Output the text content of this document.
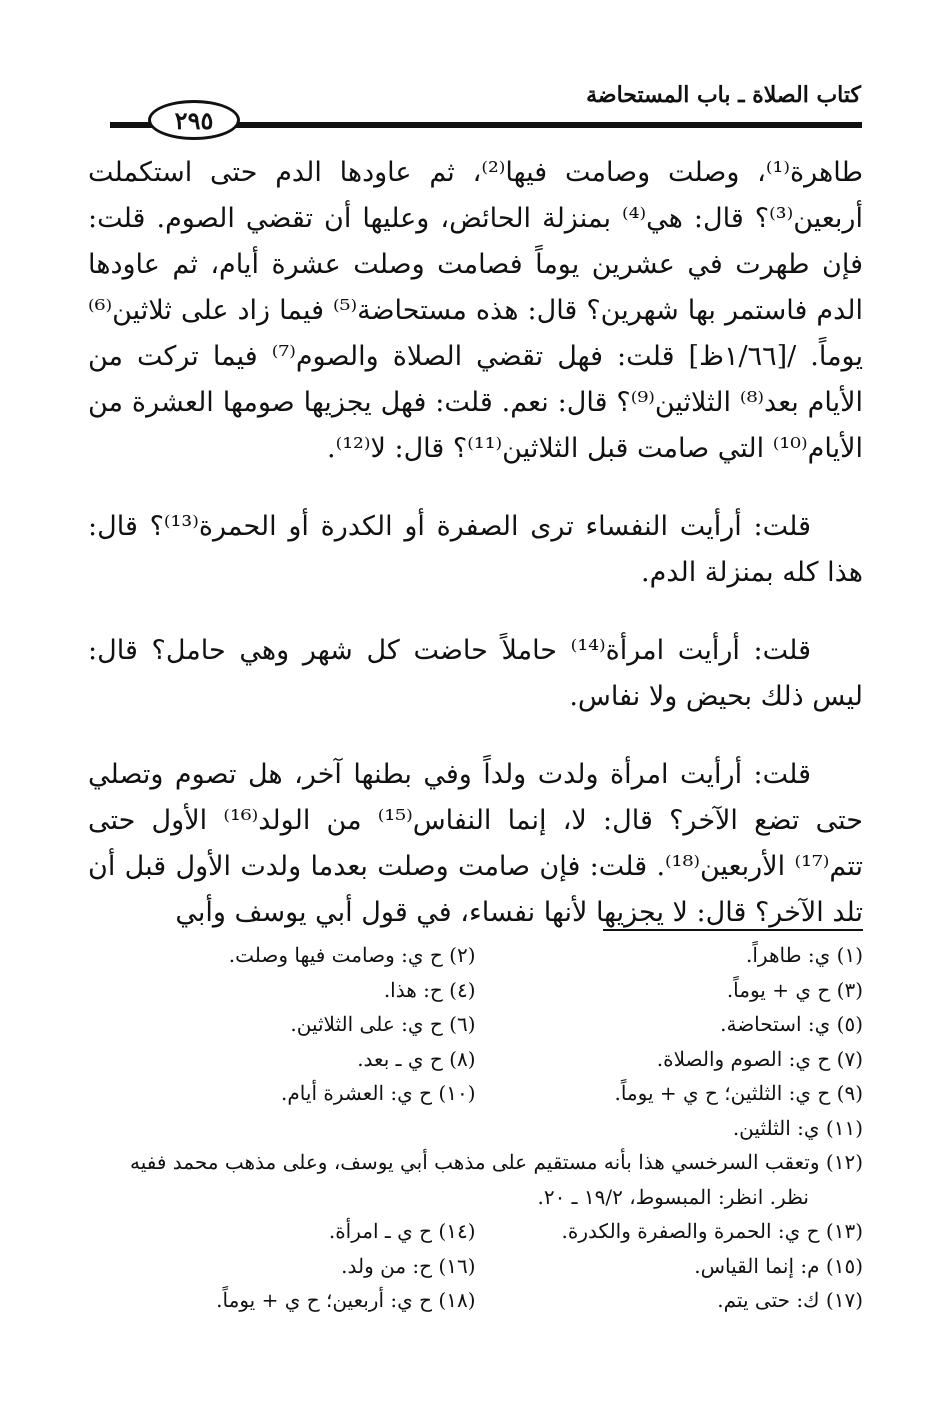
كتاب الصلاة ـ باب المستحاضة
٢٩٥

طاهرة⁽¹⁾، وصلت وصامت فيها⁽²⁾، ثم عاودها الدم حتى استكملت أربعين⁽³⁾؟ قال: هي⁽⁴⁾ بمنزلة الحائض، وعليها أن تقضي الصوم. قلت: فإن طهرت في عشرين يوماً فصامت وصلت عشرة أيام، ثم عاودها الدم فاستمر بها شهرين؟ قال: هذه مستحاضة⁽⁵⁾ فيما زاد على ثلاثين⁽⁶⁾ يوماً. /[١/٦٦ظ] قلت: فهل تقضي الصلاة والصوم⁽⁷⁾ فيما تركت من الأيام بعد⁽⁸⁾ الثلاثين⁽⁹⁾؟ قال: نعم. قلت: فهل يجزيها صومها العشرة من الأيام⁽¹⁰⁾ التي صامت قبل الثلاثين⁽¹¹⁾؟ قال: لا⁽¹²⁾.

قلت: أرأيت النفساء ترى الصفرة أو الكدرة أو الحمرة⁽¹³⁾؟ قال: هذا كله بمنزلة الدم.

قلت: أرأيت امرأة⁽¹⁴⁾ حاملاً حاضت كل شهر وهي حامل؟ قال: ليس ذلك بحيض ولا نفاس.

قلت: أرأيت امرأة ولدت ولداً وفي بطنها آخر، هل تصوم وتصلي حتى تضع الآخر؟ قال: لا، إنما النفاس⁽¹⁵⁾ من الولد⁽¹⁶⁾ الأول حتى تتم⁽¹⁷⁾ الأربعين⁽¹⁸⁾. قلت: فإن صامت وصلت بعدما ولدت الأول قبل أن تلد الآخر؟ قال: لا يجزيها لأنها نفساء، في قول أبي يوسف وأبي

(١) ي: طاهراً.
(٢) ح ي: وصامت فيها وصلت.
(٣) ح ي + يوماً.
(٤) ح: هذا.
(٥) ي: استحاضة.
(٦) ح ي: على الثلاثين.
(٧) ح ي: الصوم والصلاة.
(٨) ح ي ـ بعد.
(٩) ح ي: الثلثين؛ ح ي + يوماً.
(١٠) ح ي: العشرة أيام.
(١١) ي: الثلثين.
(١٢) وتعقب السرخسي هذا بأنه مستقيم على مذهب أبي يوسف، وعلى مذهب محمد ففيه
نظر. انظر: المبسوط، ١٩/٢ ـ ٢٠.
(١٣) ح ي: الحمرة والصفرة والكدرة.
(١٤) ح ي ـ امرأة.
(١٥) م: إنما القياس.
(١٦) ح: من ولد.
(١٧) ك: حتى يتم.
(١٨) ح ي: أربعين؛ ح ي + يوماً.
